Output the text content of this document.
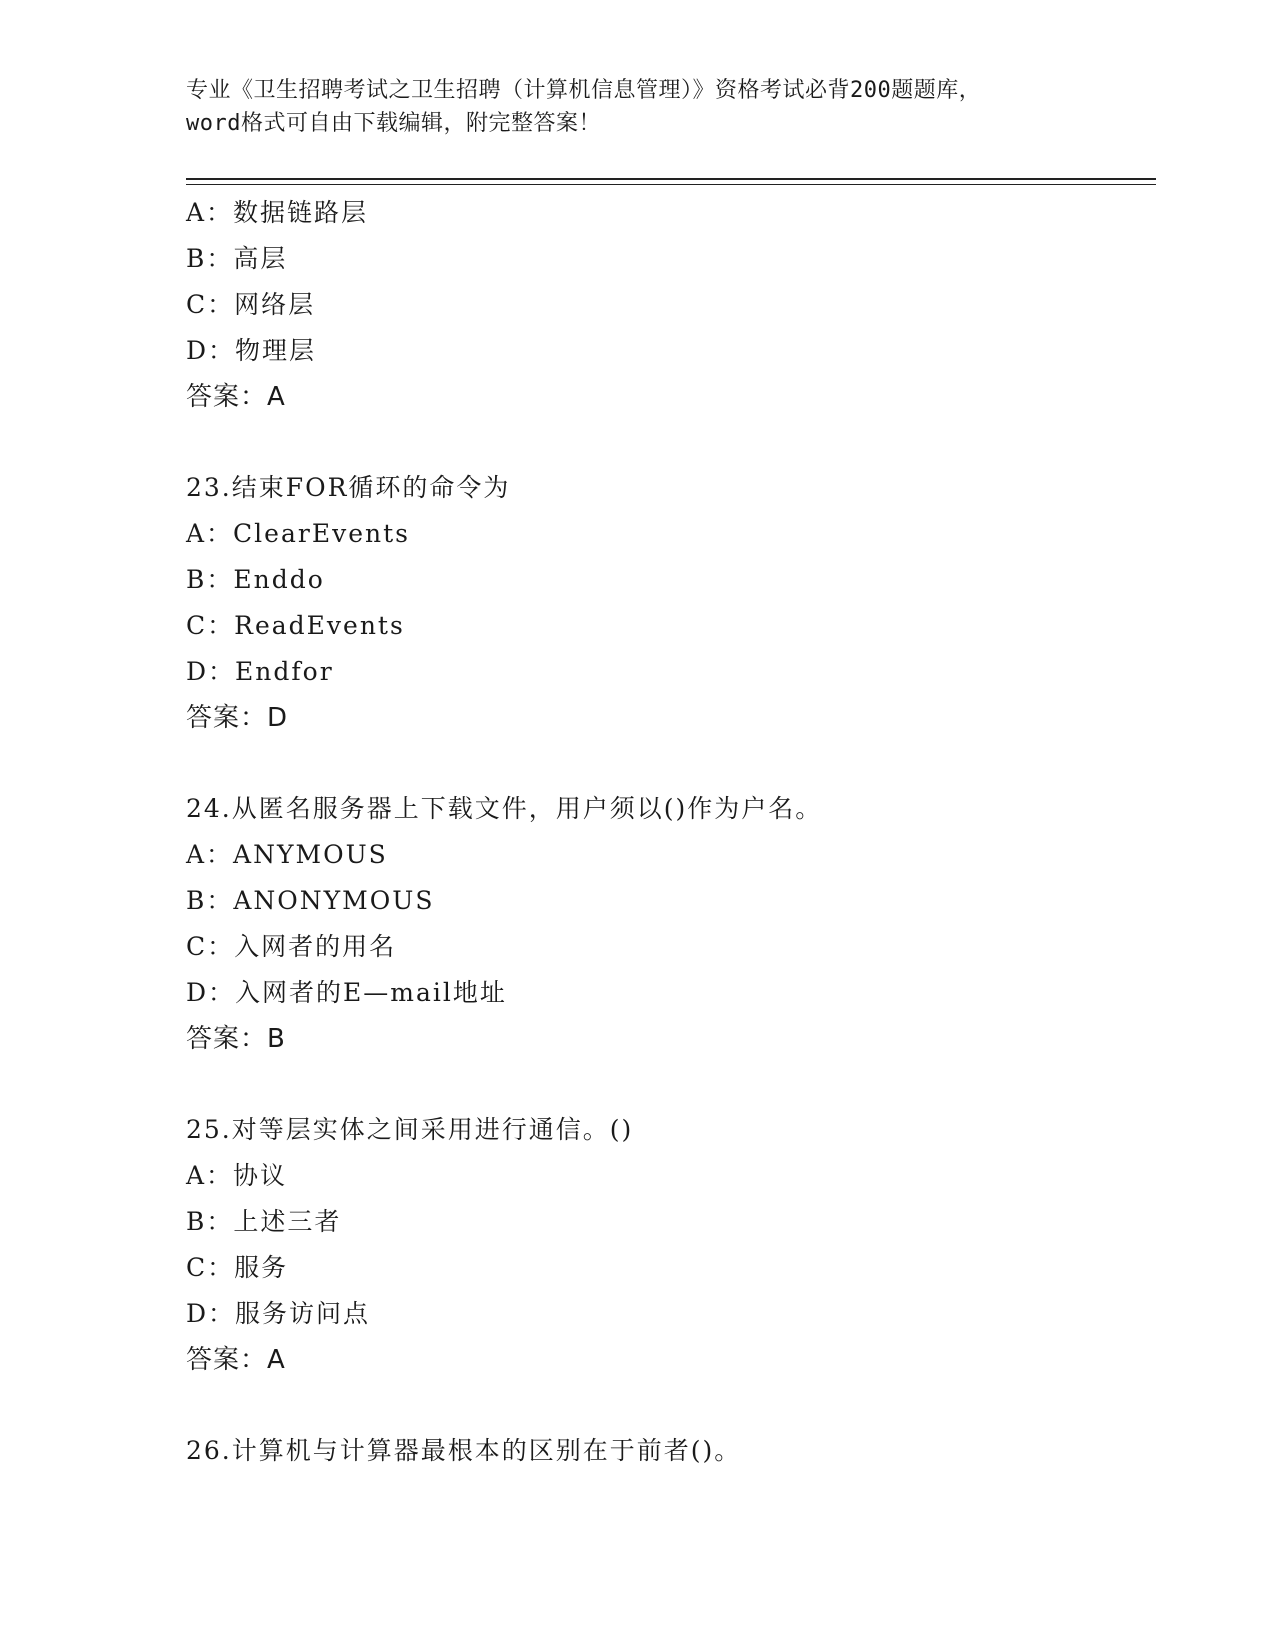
专业《卫生招聘考试之卫生招聘（计算机信息管理）》资格考试必背200题题库，
word格式可自由下载编辑，附完整答案！
A：数据链路层
B：高层
C：网络层
D：物理层
答案：A
23.结束FOR循环的命令为
A：ClearEvents
B：Enddo
C：ReadEvents
D：Endfor
答案：D
24.从匿名服务器上下载文件，用户须以()作为户名。
A：ANYMOUS
B：ANONYMOUS
C：入网者的用名
D：入网者的E—mail地址
答案：B
25.对等层实体之间采用进行通信。()
A：协议
B：上述三者
C：服务
D：服务访问点
答案：A
26.计算机与计算器最根本的区别在于前者()。
